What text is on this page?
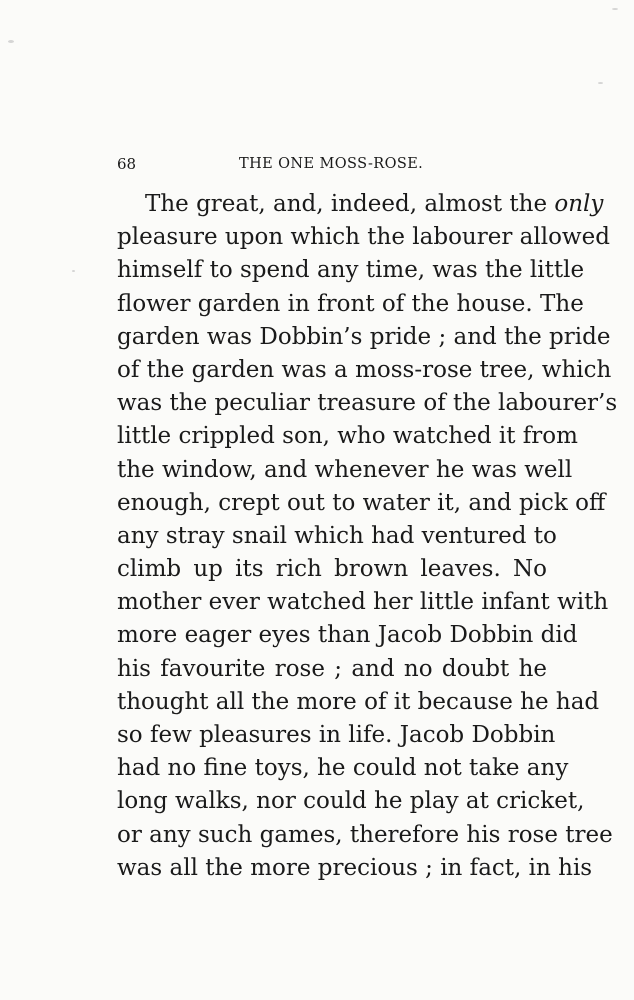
68	THE ONE MOSS-ROSE.
The great, and, indeed, almost the only
pleasure upon which the labourer allowed
himself to spend any time, was the little
flower garden in front of the house. The
garden was Dobbin’s pride ; and the pride
of the garden was a moss-rose tree, which
was the peculiar treasure of the labourer’s
little crippled son, who watched it from
the window, and whenever he was well
enough, crept out to water it, and pick off
any stray snail which had ventured to
climb up its rich brown leaves. No
mother ever watched her little infant with
more eager eyes than Jacob Dobbin did
his favourite rose ; and no doubt he
thought all the more of it because he had
so few pleasures in life. Jacob Dobbin
had no fine toys, he could not take any
long walks, nor could he play at cricket,
or any such games, therefore his rose tree
was all the more precious ; in fact, in his
